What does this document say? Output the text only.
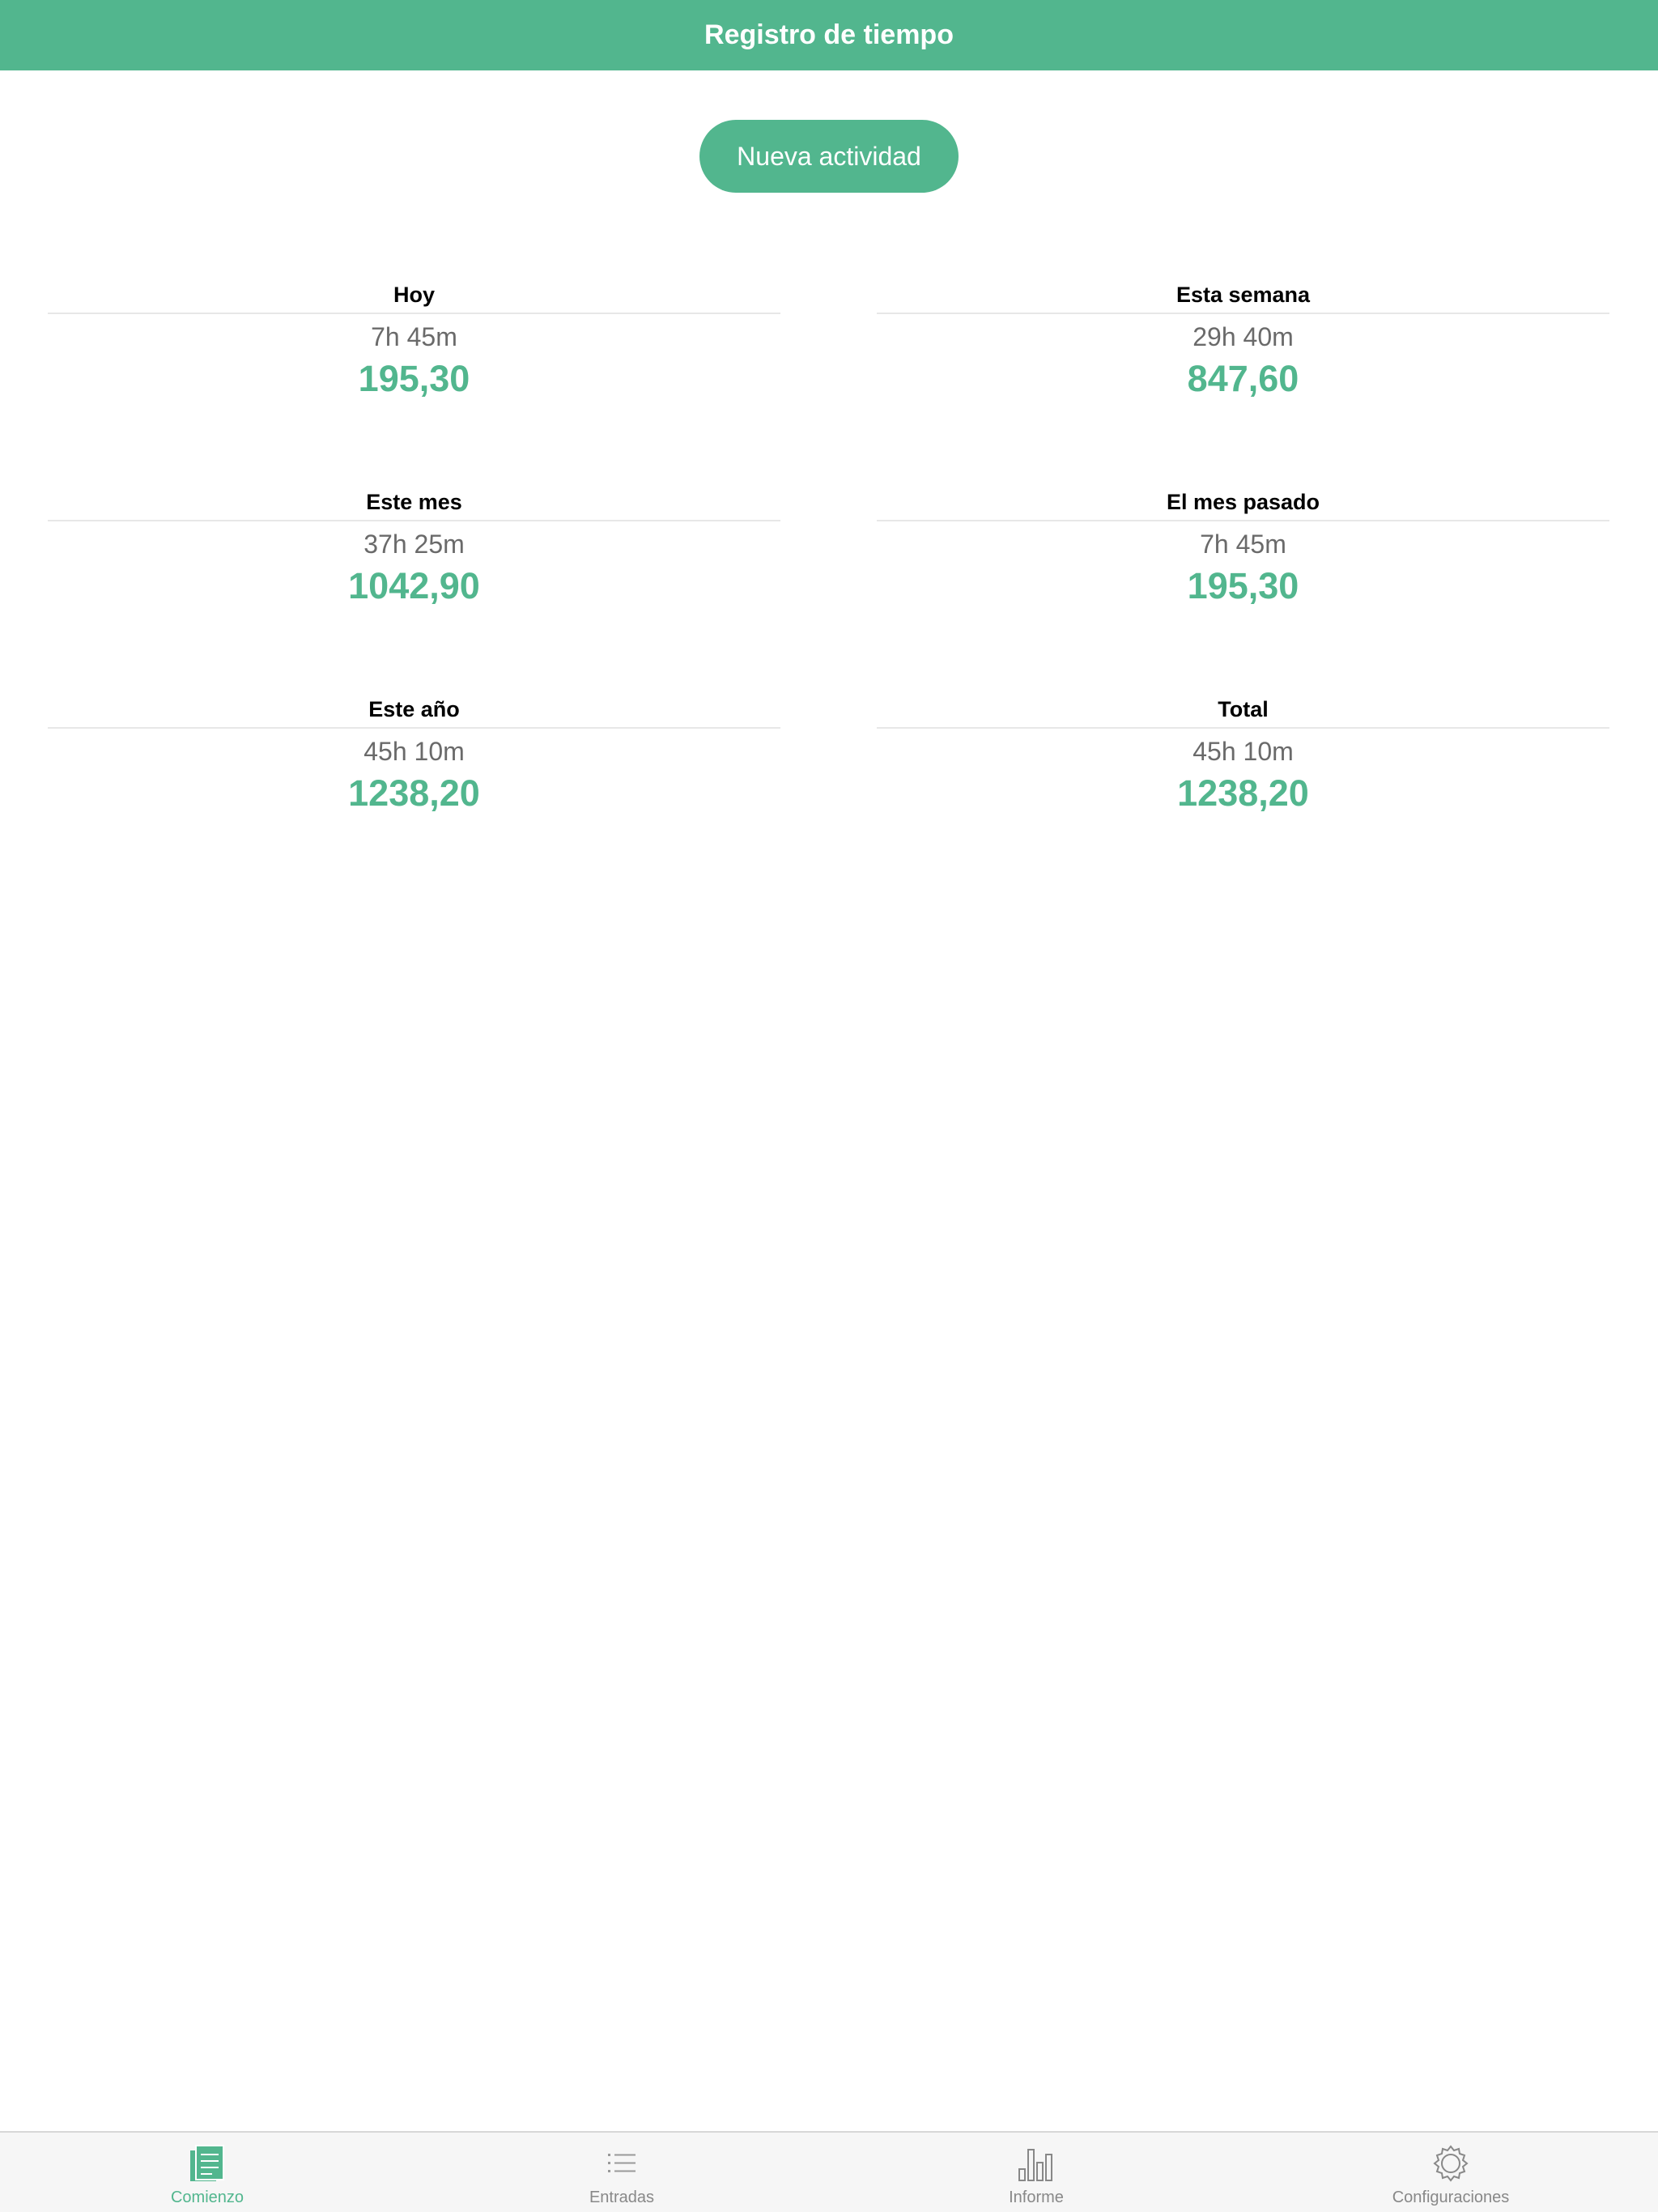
Registro de tiempo
Nueva actividad
Hoy
7h 45m
195,30
Esta semana
29h 40m
847,60
Este mes
37h 25m
1042,90
El mes pasado
7h 45m
195,30
Este año
45h 10m
1238,20
Total
45h 10m
1238,20
Comienzo	Entradas	Informe	Configuraciones
